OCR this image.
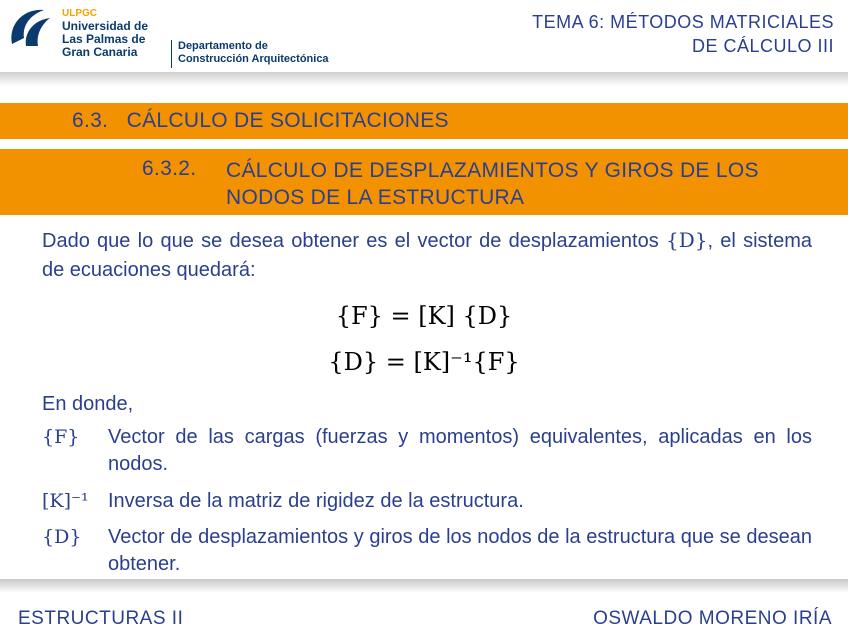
ULPGC
Universidad de
Las Palmas de
Gran Canaria	Departamento de
Construcción Arquitectónica
TEMA 6: MÉTODOS MATRICIALES
DE CÁLCULO III
6.3.   CÁLCULO DE SOLICITACIONES
6.3.2. CÁLCULO DE DESPLAZAMIENTOS Y GIROS DE LOS
NODOS DE LA ESTRUCTURA
Dado que lo que se desea obtener es el vector de desplazamientos {D}, el sistema de ecuaciones quedará:
{F} = [K] {D}
{D} = [K]⁻¹{F}
En donde,
{F} Vector de las cargas (fuerzas y momentos) equivalentes, aplicadas en los nodos.
[K]⁻¹ Inversa de la matriz de rigidez de la estructura.
{D} Vector de desplazamientos y giros de los nodos de la estructura que se desean obtener.
ESTRUCTURAS II	OSWALDO MORENO IRÍA
